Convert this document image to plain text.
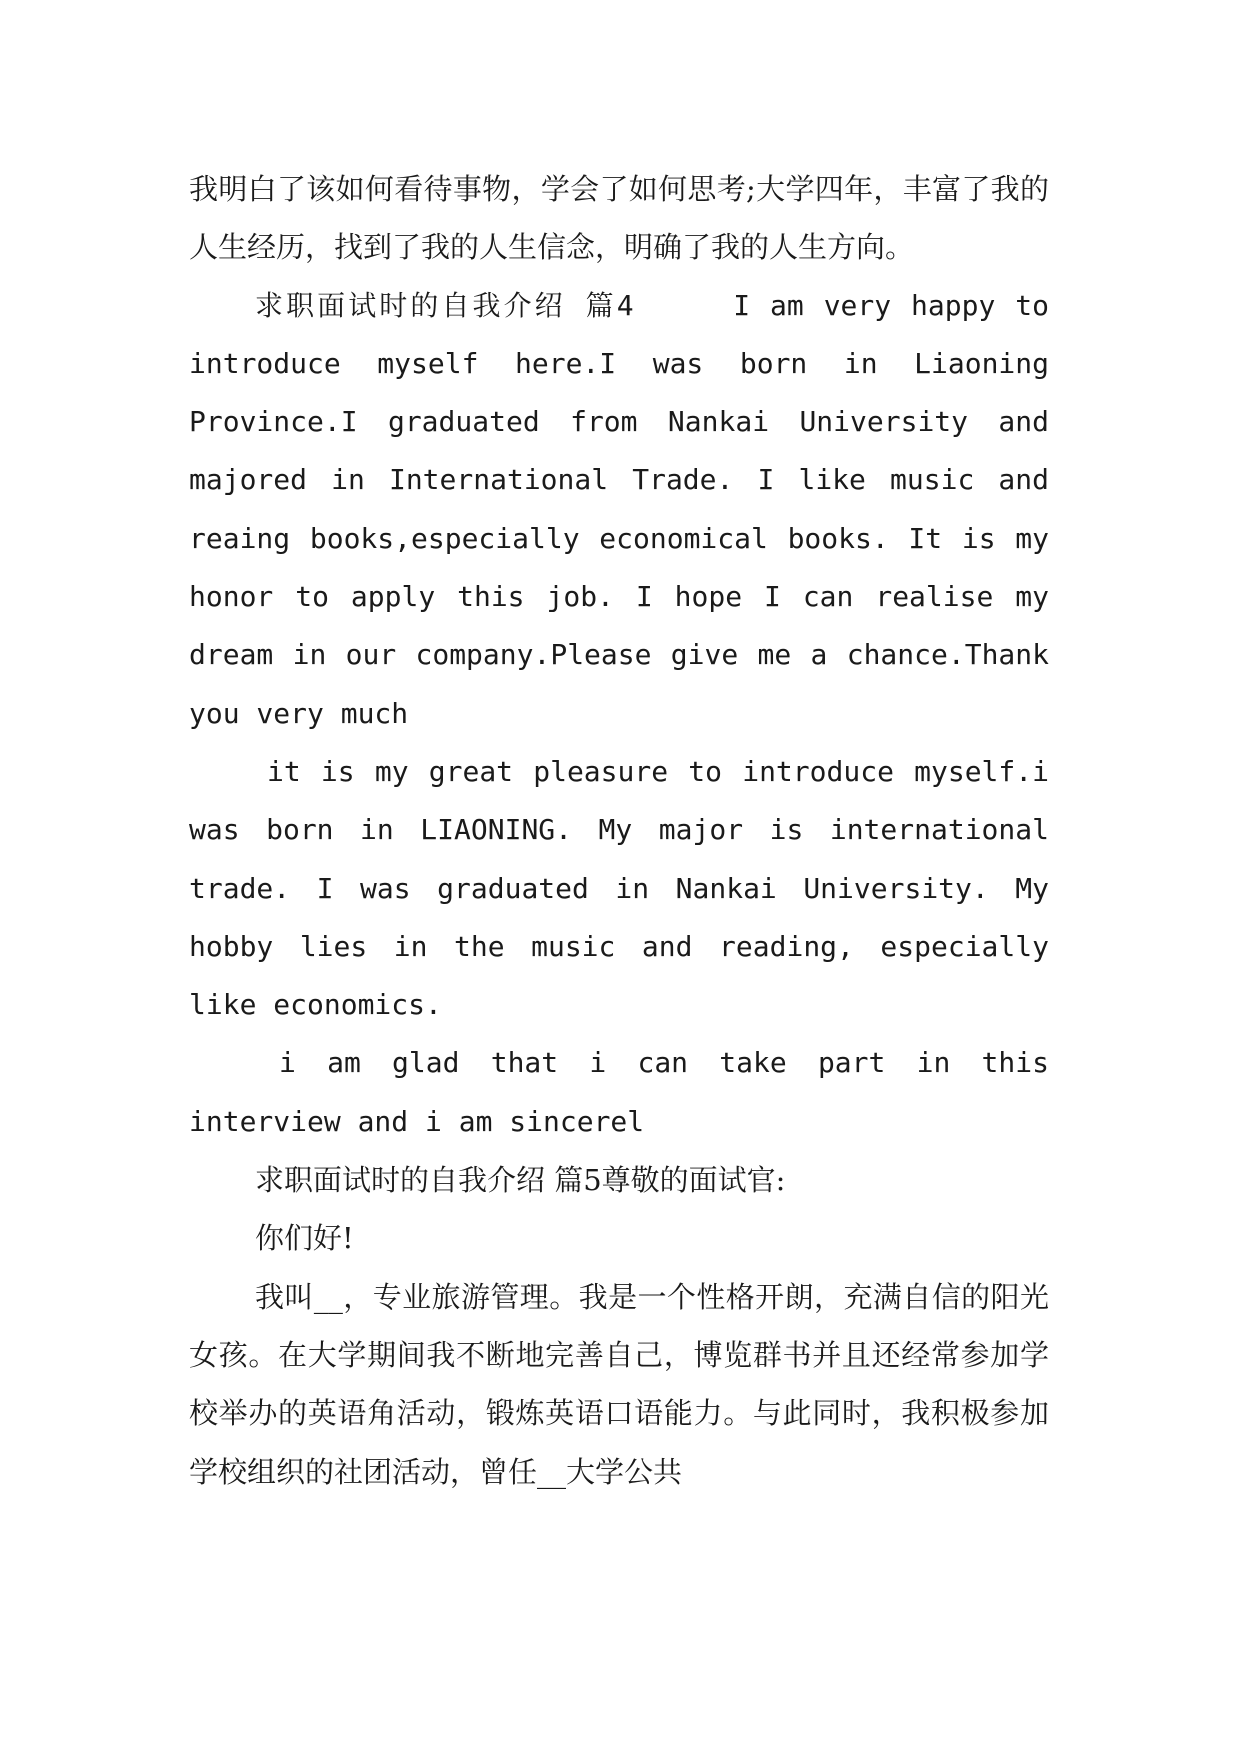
我明白了该如何看待事物，学会了如何思考;大学四年，丰富了我的人生经历，找到了我的人生信念，明确了我的人生方向。

求职面试时的自我介绍 篇4	I am very happy to introduce myself here.I was born in Liaoning Province.I graduated from Nankai University and majored in International Trade. I like music and reaing books,especially economical books. It is my honor to apply this job. I hope I can realise my dream in our company.Please give me a chance.Thank you very much

it is my great pleasure to introduce myself.i was born in LIAONING. My major is international trade. I was graduated in Nankai University. My hobby lies in the music and reading, especially like economics.

i am glad that i can take part in this interview and i am sincerel

求职面试时的自我介绍 篇5尊敬的面试官:

你们好!

我叫__，专业旅游管理。我是一个性格开朗，充满自信的阳光女孩。在大学期间我不断地完善自己，博览群书并且还经常参加学校举办的英语角活动，锻炼英语口语能力。与此同时，我积极参加学校组织的社团活动，曾任__大学公共
